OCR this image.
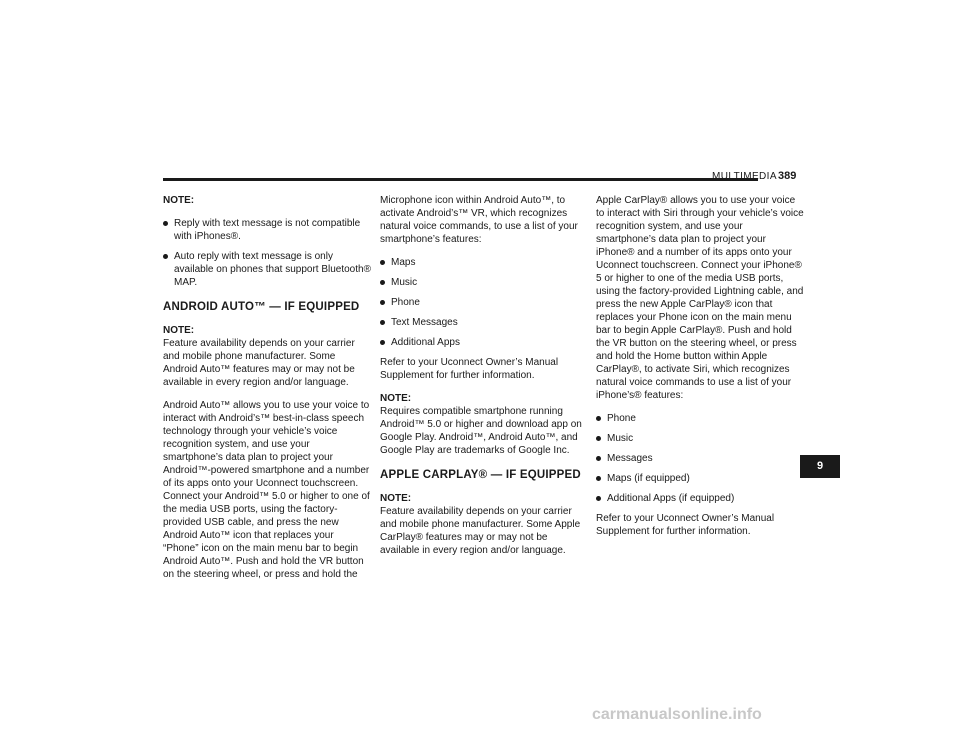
MULTIMEDIA 389

NOTE:

Reply with text message is not compatible with iPhones®.
Auto reply with text message is only available on phones that support Bluetooth® MAP.
ANDROID AUTO™ — IF EQUIPPED

NOTE:

Feature availability depends on your carrier and mobile phone manufacturer. Some Android Auto™ features may or may not be available in every region and/or language.

Android Auto™ allows you to use your voice to interact with Android’s™ best-in-class speech technology through your vehicle’s voice recognition system, and use your smartphone’s data plan to project your Android™-powered smartphone and a number of its apps onto your Uconnect touchscreen. Connect your Android™ 5.0 or higher to one of the media USB ports, using the factory-provided USB cable, and press the new Android Auto™ icon that replaces your “Phone” icon on the main menu bar to begin Android Auto™. Push and hold the VR button on the steering wheel, or press and hold the

Microphone icon within Android Auto™, to activate Android’s™ VR, which recognizes natural voice commands, to use a list of your smartphone’s features:

Maps
Music
Phone
Text Messages
Additional Apps

Refer to your Uconnect Owner’s Manual Supplement for further information.

NOTE:

Requires compatible smartphone running Android™ 5.0 or higher and download app on Google Play. Android™, Android Auto™, and Google Play are trademarks of Google Inc.

APPLE CARPLAY® — IF EQUIPPED

NOTE:

Feature availability depends on your carrier and mobile phone manufacturer. Some Apple CarPlay® features may or may not be available in every region and/or language.

Apple CarPlay® allows you to use your voice to interact with Siri through your vehicle’s voice recognition system, and use your smartphone’s data plan to project your iPhone® and a number of its apps onto your Uconnect touchscreen. Connect your iPhone® 5 or higher to one of the media USB ports, using the factory-provided Lightning cable, and press the new Apple CarPlay® icon that replaces your Phone icon on the main menu bar to begin Apple CarPlay®. Push and hold the VR button on the steering wheel, or press and hold the Home button within Apple CarPlay®, to activate Siri, which recognizes natural voice commands to use a list of your iPhone’s® features:

Phone
Music
Messages
Maps (if equipped)
Additional Apps (if equipped)

Refer to your Uconnect Owner’s Manual Supplement for further information.

9
carmanualsonline.info
